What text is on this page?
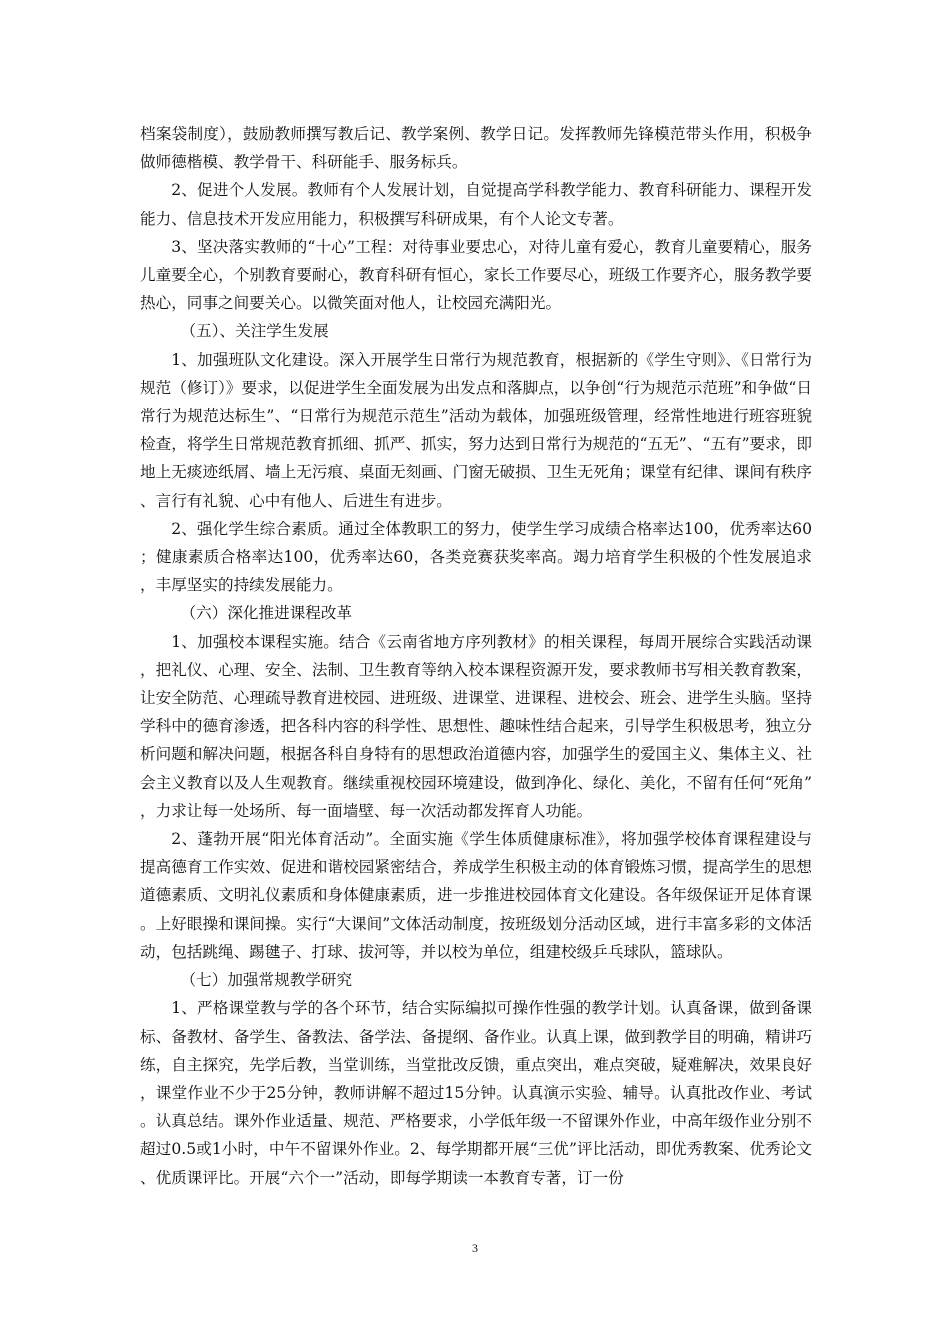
档案袋制度），鼓励教师撰写教后记、教学案例、教学日记。发挥教师先锋模范带头作用，积极争做师德楷模、教学骨干、科研能手、服务标兵。

2、促进个人发展。教师有个人发展计划，自觉提高学科教学能力、教育科研能力、课程开发能力、信息技术开发应用能力，积极撰写科研成果，有个人论文专著。

3、坚决落实教师的“十心”工程：对待事业要忠心，对待儿童有爱心，教育儿童要精心，服务儿童要全心，个别教育要耐心，教育科研有恒心，家长工作要尽心，班级工作要齐心，服务教学要热心，同事之间要关心。以微笑面对他人，让校园充满阳光。

（五）、关注学生发展

1、加强班队文化建设。深入开展学生日常行为规范教育，根据新的《学生守则》、《日常行为规范（修订）》要求，以促进学生全面发展为出发点和落脚点，以争创“行为规范示范班”和争做“日常行为规范达标生”、“日常行为规范示范生”活动为载体，加强班级管理，经常性地进行班容班貌检查，将学生日常规范教育抓细、抓严、抓实，努力达到日常行为规范的“五无”、“五有”要求，即地上无痰迹纸屑、墙上无污痕、桌面无刻画、门窗无破损、卫生无死角；课堂有纪律、课间有秩序、言行有礼貌、心中有他人、后进生有进步。

2、强化学生综合素质。通过全体教职工的努力，使学生学习成绩合格率达100，优秀率达60；健康素质合格率达100，优秀率达60，各类竞赛获奖率高。竭力培育学生积极的个性发展追求，丰厚坚实的持续发展能力。

（六）深化推进课程改革

1、加强校本课程实施。结合《云南省地方序列教材》的相关课程，每周开展综合实践活动课，把礼仪、心理、安全、法制、卫生教育等纳入校本课程资源开发，要求教师书写相关教育教案，让安全防范、心理疏导教育进校园、进班级、进课堂、进课程、进校会、班会、进学生头脑。坚持学科中的德育渗透，把各科内容的科学性、思想性、趣味性结合起来，引导学生积极思考，独立分析问题和解决问题，根据各科自身特有的思想政治道德内容，加强学生的爱国主义、集体主义、社会主义教育以及人生观教育。继续重视校园环境建设，做到净化、绿化、美化，不留有任何“死角”，力求让每一处场所、每一面墙壁、每一次活动都发挥育人功能。

2、蓬勃开展“阳光体育活动”。全面实施《学生体质健康标准》，将加强学校体育课程建设与提高德育工作实效、促进和谐校园紧密结合，养成学生积极主动的体育锻炼习惯，提高学生的思想道德素质、文明礼仪素质和身体健康素质，进一步推进校园体育文化建设。各年级保证开足体育课。上好眼操和课间操。实行“大课间”文体活动制度，按班级划分活动区域，进行丰富多彩的文体活动，包括跳绳、踢毽子、打球、拔河等，并以校为单位，组建校级乒乓球队，篮球队。

（七）加强常规教学研究

1、严格课堂教与学的各个环节，结合实际编拟可操作性强的教学计划。认真备课，做到备课标、备教材、备学生、备教法、备学法、备提纲、备作业。认真上课，做到教学目的明确，精讲巧练，自主探究，先学后教，当堂训练，当堂批改反馈，重点突出，难点突破，疑难解决，效果良好，课堂作业不少于25分钟，教师讲解不超过15分钟。认真演示实验、辅导。认真批改作业、考试。认真总结。课外作业适量、规范、严格要求，小学低年级一不留课外作业，中高年级作业分别不超过0.5或1小时，中午不留课外作业。2、每学期都开展“三优”评比活动，即优秀教案、优秀论文、优质课评比。开展“六个一”活动，即每学期读一本教育专著，订一份

3
